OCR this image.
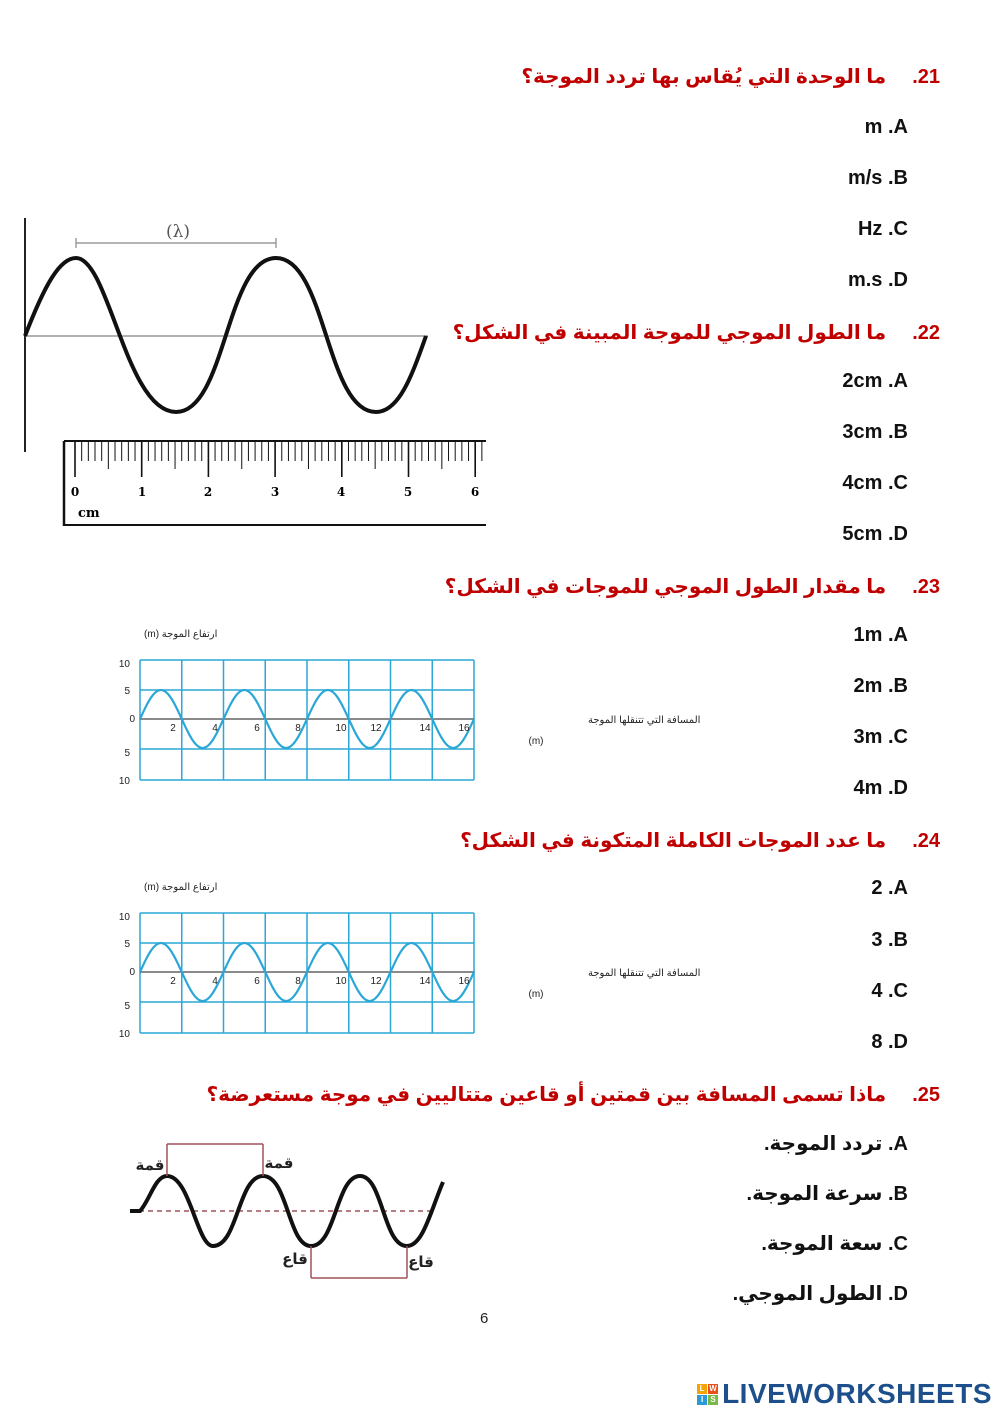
21.ما الوحدة التي يُقاس بها تردد الموجة؟
m .A
m/s .B
Hz .C
m.s .D
22.ما الطول الموجي للموجة المبينة في الشكل؟
2cm .A
3cm .B
4cm .C
5cm .D
(λ)
0	1	2	3	4	5	6
cm
23.ما مقدار الطول الموجي للموجات في الشكل؟
1m .A
2m .B
3m .C
4m .D
ارتفاع الموجة (m)
10
5
0
5
10
2	4	6	8	10 12	14	16
المسافة التي تتنقلها الموجة
(m)
24.ما عدد الموجات الكاملة المتكونة في الشكل؟
2 .A
3 .B
4 .C
8 .D
ارتفاع الموجة (m)
10
5
0
5
10
2	4	6	8	10 12	14	16
المسافة التي تتنقلها الموجة
(m)
25.ماذا تسمى المسافة بين قمتين أو قاعين متتاليين في موجة مستعرضة؟
A. تردد الموجة.
B. سرعة الموجة.
C. سعة الموجة.
D. الطول الموجي.
قمة	قمة
قاع	قاع
6
L W
I S LIVEWORKSHEETS
